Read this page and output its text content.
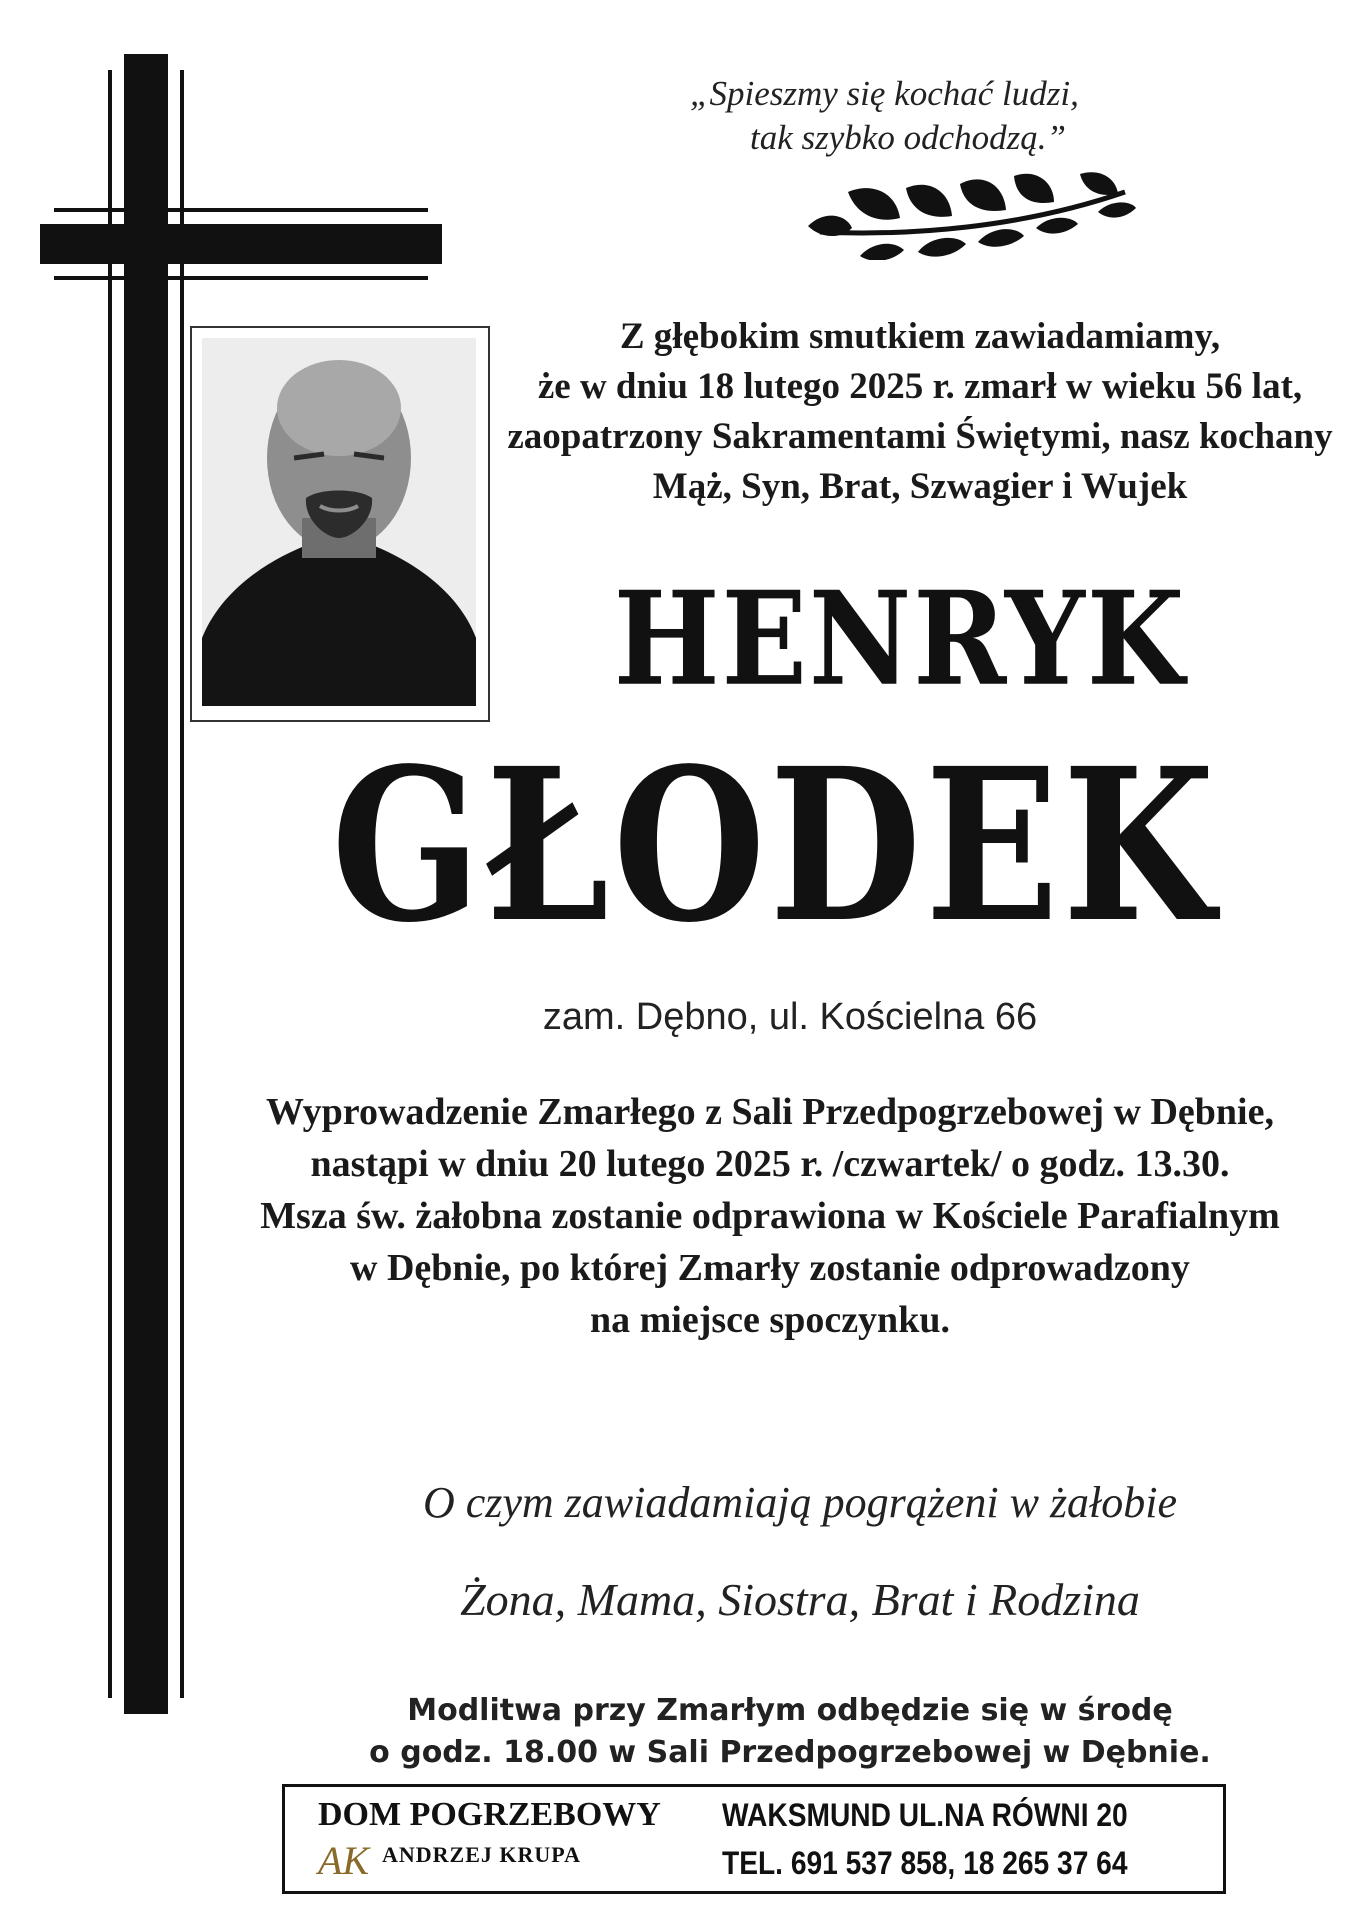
„Spieszmy się kochać ludzi,

tak szybko odchodzą.”
Z głębokim smutkiem zawiadamiamy,
że w dniu 18 lutego 2025 r. zmarł w wieku 56 lat,
zaopatrzony Sakramentami Świętymi, nasz kochany
Mąż, Syn, Brat, Szwagier i Wujek
HENRYK
GŁODEK
zam. Dębno, ul. Kościelna 66
Wyprowadzenie Zmarłego z Sali Przedpogrzebowej w Dębnie,
nastąpi w dniu 20 lutego 2025 r. /czwartek/ o godz. 13.30.
Msza św. żałobna zostanie odprawiona w Kościele Parafialnym
w Dębnie, po której Zmarły zostanie odprowadzony
na miejsce spoczynku.
O czym zawiadamiają pogrążeni w żałobie
Żona, Mama, Siostra, Brat i Rodzina
Modlitwa przy Zmarłym odbędzie się w środę
o godz. 18.00 w Sali Przedpogrzebowej w Dębnie.
DOM POGRZEBOWY
AK ANDRZEJ KRUPA
WAKSMUND UL.NA RÓWNI 20
TEL. 691 537 858, 18 265 37 64
